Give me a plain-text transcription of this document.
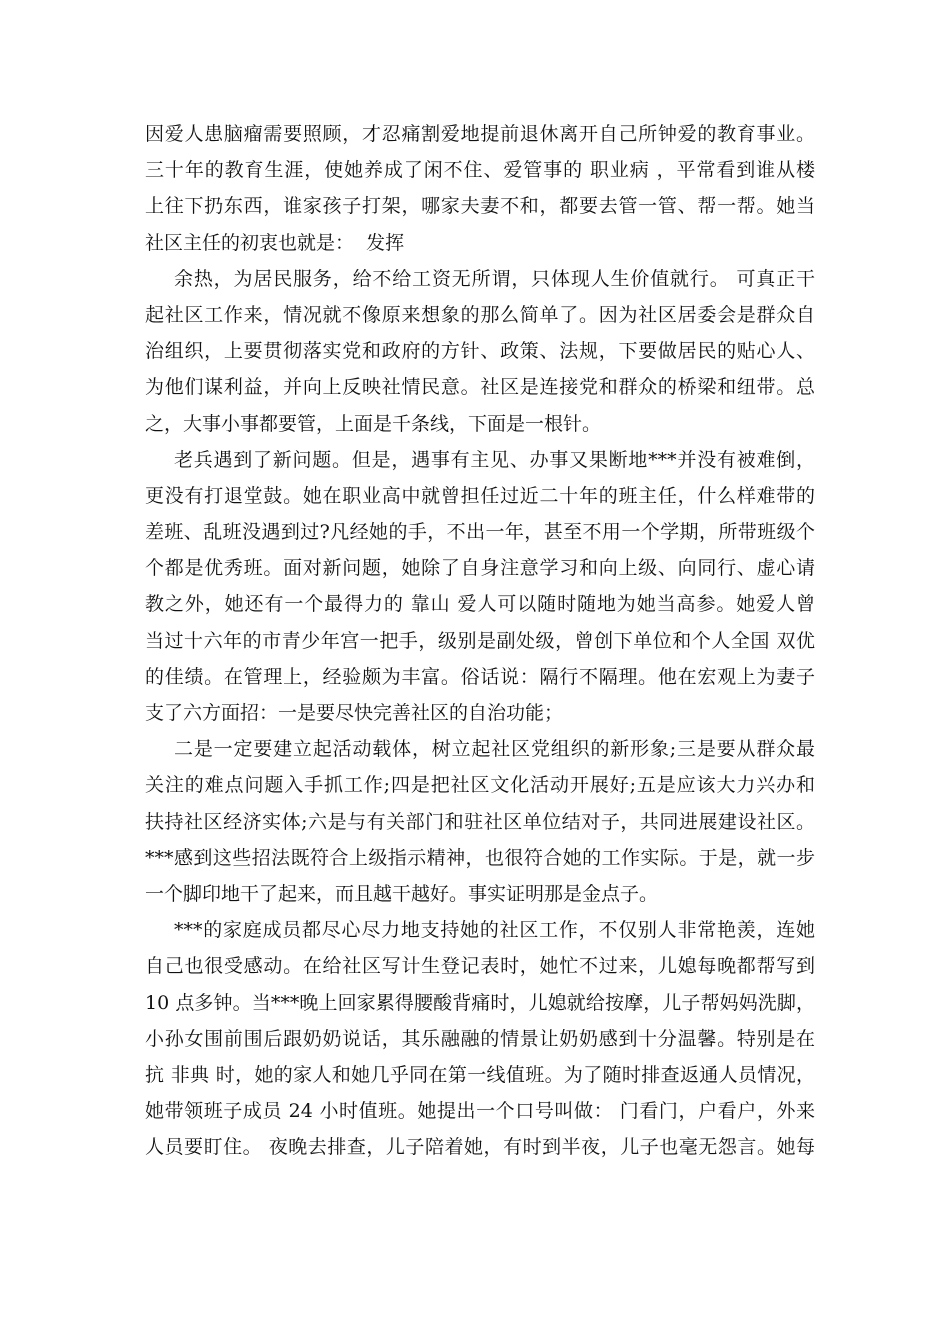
因爱人患脑瘤需要照顾，才忍痛割爱地提前退休离开自己所钟爱的教育事业。
三十年的教育生涯，使她养成了闲不住、爱管事的 职业病 ，平常看到谁从楼
上往下扔东西，谁家孩子打架，哪家夫妻不和，都要去管一管、帮一帮。她当
社区主任的初衷也就是：  发挥
余热，为居民服务，给不给工资无所谓，只体现人生价值就行。 可真正干
起社区工作来，情况就不像原来想象的那么简单了。因为社区居委会是群众自
治组织，上要贯彻落实党和政府的方针、政策、法规，下要做居民的贴心人、
为他们谋利益，并向上反映社情民意。社区是连接党和群众的桥梁和纽带。总
之，大事小事都要管，上面是千条线，下面是一根针。
老兵遇到了新问题。但是，遇事有主见、办事又果断地***并没有被难倒，
更没有打退堂鼓。她在职业高中就曾担任过近二十年的班主任，什么样难带的
差班、乱班没遇到过?凡经她的手，不出一年，甚至不用一个学期，所带班级个
个都是优秀班。面对新问题，她除了自身注意学习和向上级、向同行、虚心请
教之外，她还有一个最得力的 靠山 爱人可以随时随地为她当高参。她爱人曾
当过十六年的市青少年宫一把手，级别是副处级，曾创下单位和个人全国 双优
的佳绩。在管理上，经验颇为丰富。俗话说：隔行不隔理。他在宏观上为妻子
支了六方面招：一是要尽快完善社区的自治功能；
二是一定要建立起活动载体，树立起社区党组织的新形象;三是要从群众最
关注的难点问题入手抓工作;四是把社区文化活动开展好;五是应该大力兴办和
扶持社区经济实体;六是与有关部门和驻社区单位结对子，共同进展建设社区。
***感到这些招法既符合上级指示精神，也很符合她的工作实际。于是，就一步
一个脚印地干了起来，而且越干越好。事实证明那是金点子。
***的家庭成员都尽心尽力地支持她的社区工作，不仅别人非常艳羡，连她
自己也很受感动。在给社区写计生登记表时，她忙不过来，儿媳每晚都帮写到
10 点多钟。当***晚上回家累得腰酸背痛时，儿媳就给按摩，儿子帮妈妈洗脚，
小孙女围前围后跟奶奶说话，其乐融融的情景让奶奶感到十分温馨。特别是在
抗 非典 时，她的家人和她几乎同在第一线值班。为了随时排查返通人员情况，
她带领班子成员 24 小时值班。她提出一个口号叫做： 门看门，户看户，外来
人员要盯住。 夜晚去排查，儿子陪着她，有时到半夜，儿子也毫无怨言。她每
